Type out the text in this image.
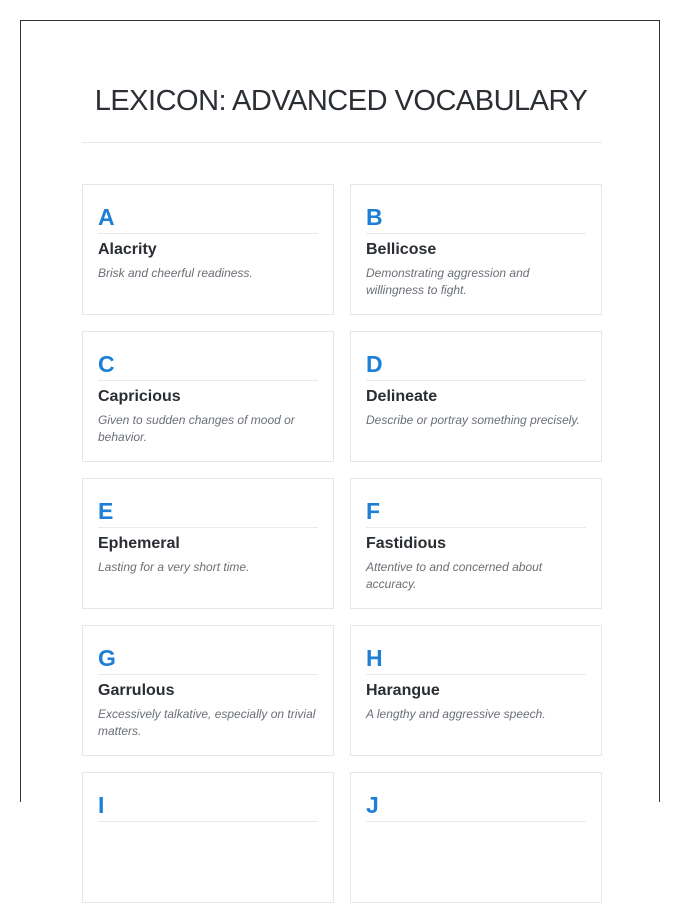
LEXICON: ADVANCED VOCABULARY
A
Alacrity
Brisk and cheerful readiness.
B
Bellicose
Demonstrating aggression and willingness to fight.
C
Capricious
Given to sudden changes of mood or behavior.
D
Delineate
Describe or portray something precisely.
E
Ephemeral
Lasting for a very short time.
F
Fastidious
Attentive to and concerned about accuracy.
G
Garrulous
Excessively talkative, especially on trivial matters.
H
Harangue
A lengthy and aggressive speech.
I	J
